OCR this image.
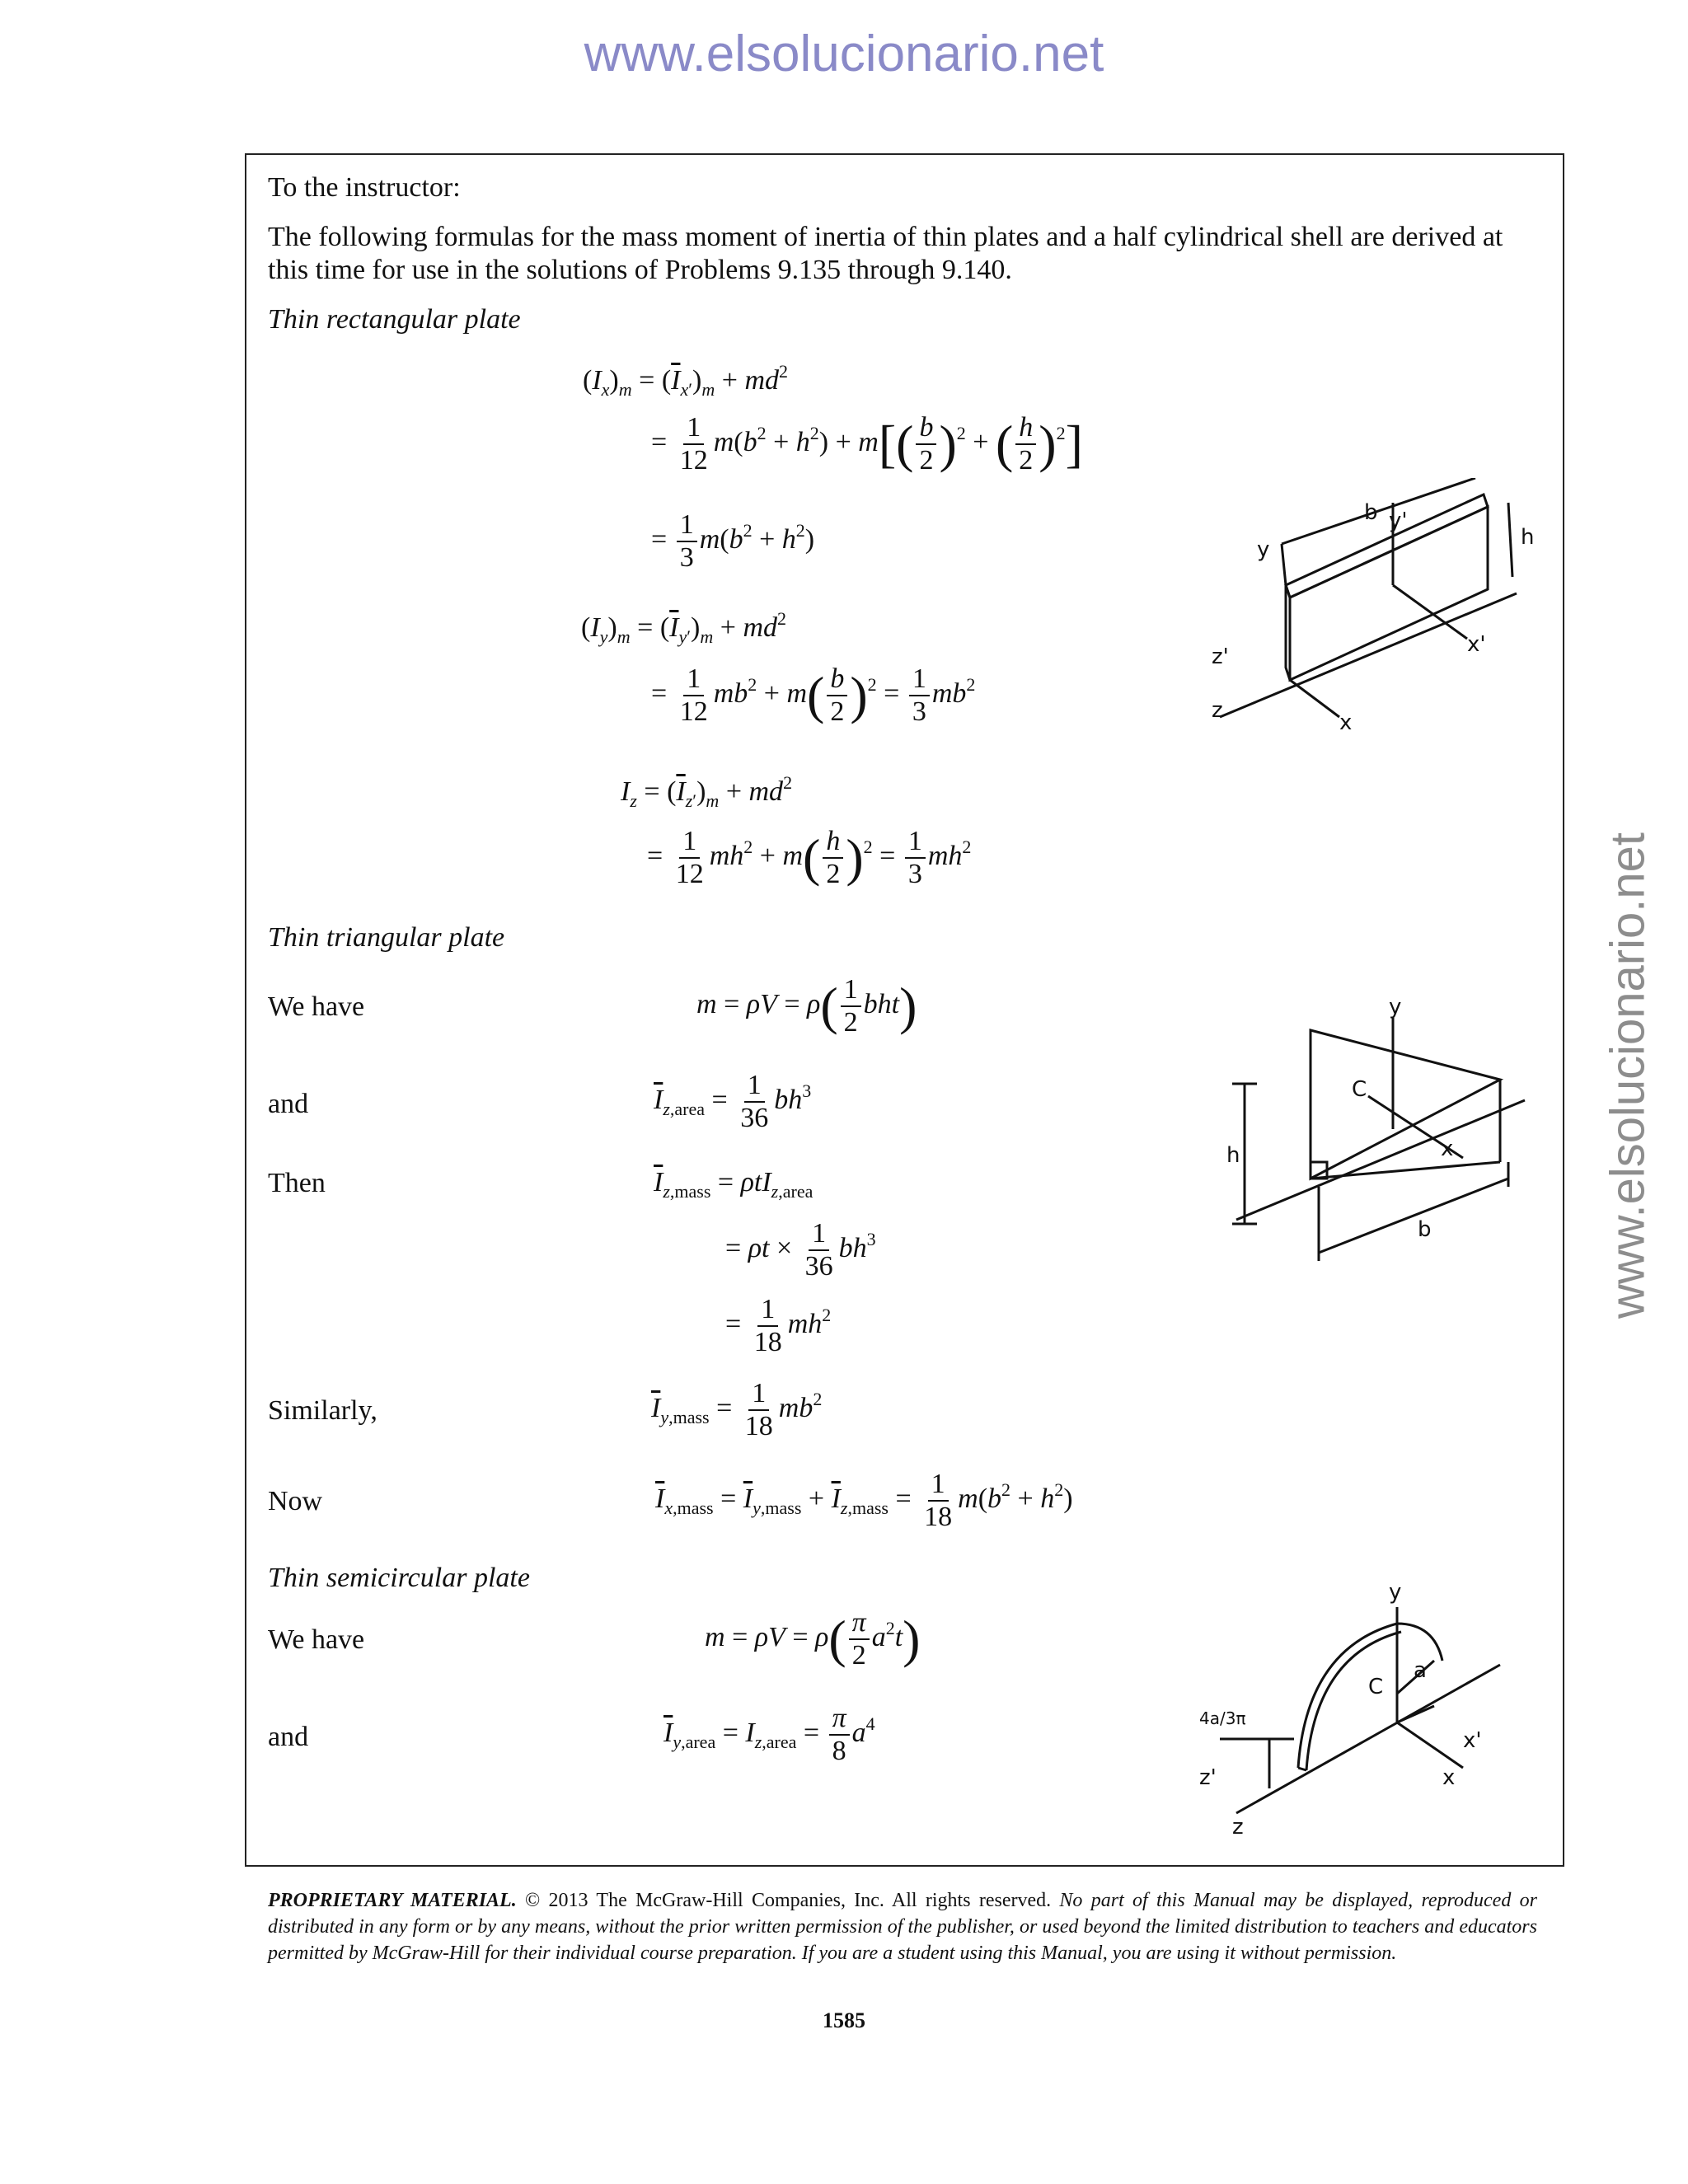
www.elsolucionario.net
www.elsolucionario.net
To the instructor:
The following formulas for the mass moment of inertia of thin plates and a half cylindrical shell are derived at this time for use in the solutions of Problems 9.135 through 9.140.
Thin rectangular plate
$(I_x)_m = (\overline{I}_{x'})_m + md^2$
= $\frac{1}{12} m(b^2 + h^2) + m[( \frac{b}{2} )^2$ + ( $\frac{h}{2} )^2$]
= $\frac{1}{3} m(b^2 + h^2)$
$(I_y)_m = (\overline{I}_{y'})_m + md^2$
= $\frac{1}{12} mb^2 + m( \frac{b}{2} )^2 = \frac{1}{3} mb^2$
$I_z = (\overline{I}_{z'})_m + md^2$
= $\frac{1}{12} mh^2 + m( \frac{h}{2} )^2 = \frac{1}{3} mh^2$
y
b y'
h
z'	x'
z	x
Thin triangular plate
We have	$m = \rho V = \rho( \frac{1}{2} bht)$
and	$\overline{I}_{z,area} = \frac{1}{36} bh^3$
Then	$\overline{I}_{z,mass} = \rho tI_{z,area}$
= $\rho t \times \frac{1}{36} bh^3$
= $\frac{1}{18} mh^2$
Similarly,	$\overline{I}_{y,mass} = \frac{1}{18} mb^2$
Now	$\overline{I}_{x,mass} = \overline{I}_{y,mass} + \overline{I}_{z,mass} = \frac{1}{18} m(b^2 + h^2)$
y
C
h	x
b
Thin semicircular plate
We have	$m = \rho V = \rho( \frac{\pi}{2} a^2t)$
and	$\overline{I}_{y,area} = I_{z,area} = \frac{\pi}{8} a^4$
y
C
a
z'
x'
z
x
4a/3π
PROPRIETARY MATERIAL. © 2013 The McGraw-Hill Companies, Inc. All rights reserved. No part of this Manual may be displayed, reproduced or distributed in any form or by any means, without the prior written permission of the publisher, or used beyond the limited distribution to teachers and educators permitted by McGraw-Hill for their individual course preparation. If you are a student using this Manual, you are using it without permission.
1585
